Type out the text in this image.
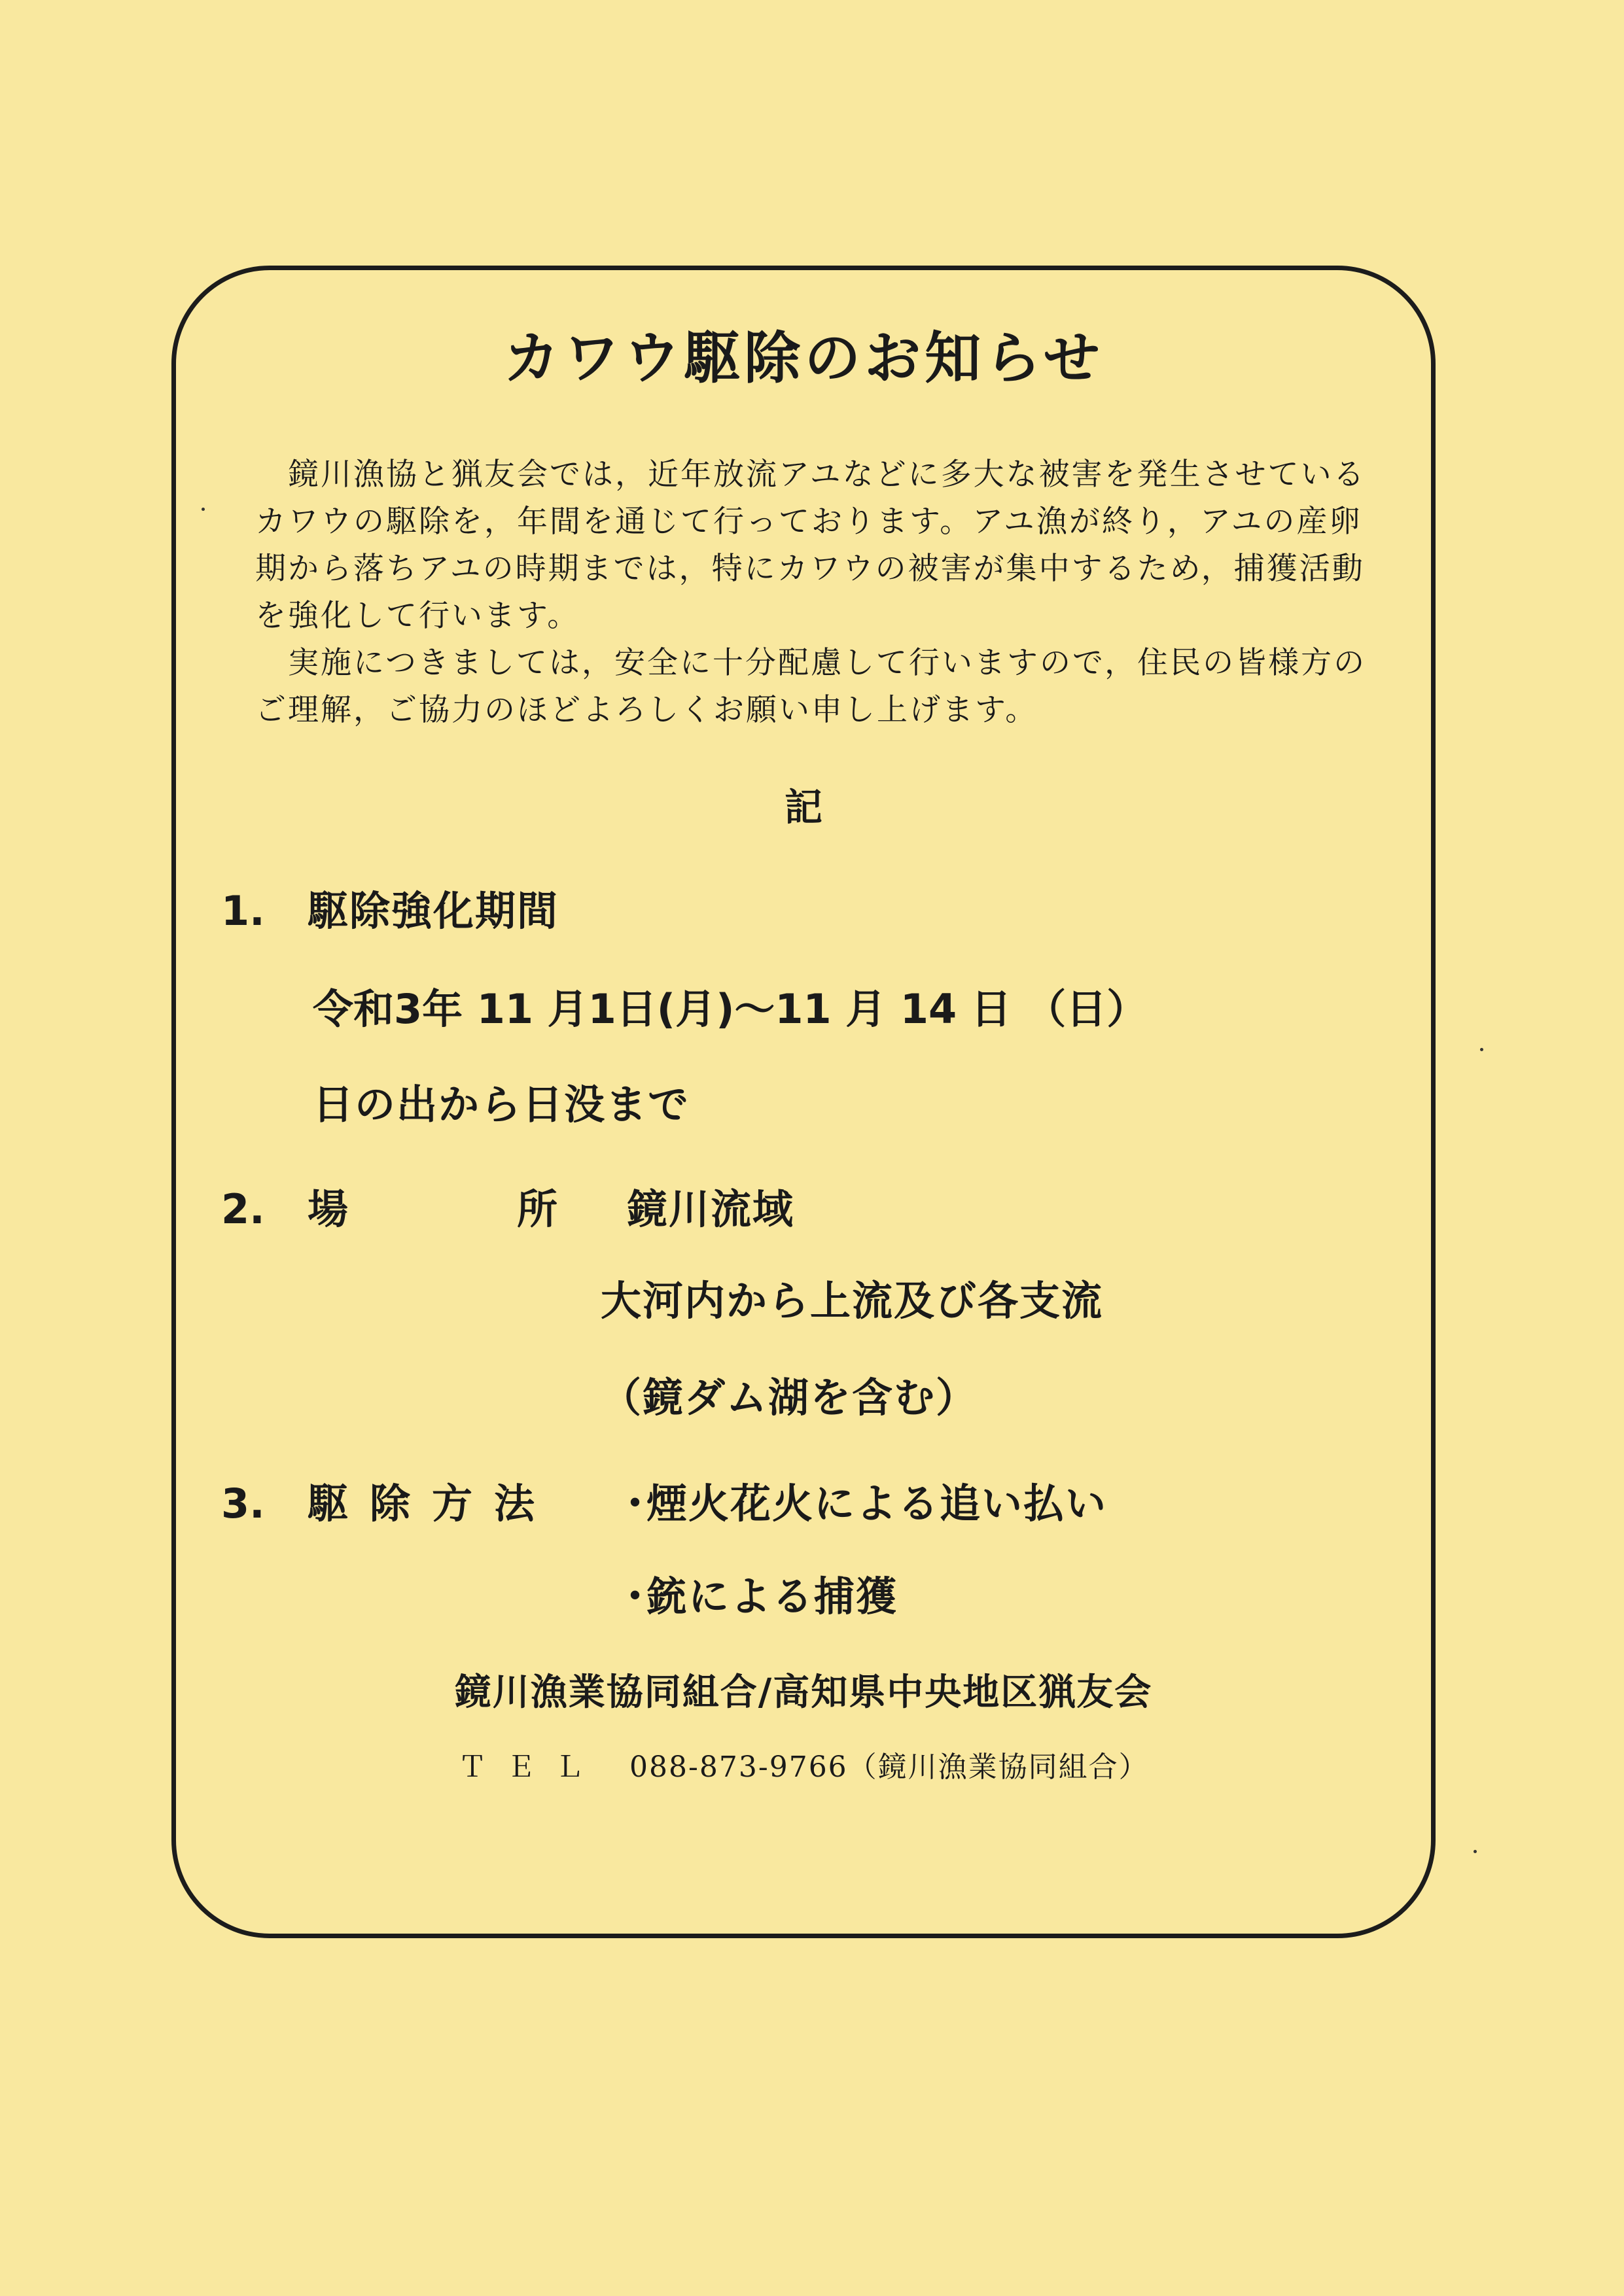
カワウ駆除のお知らせ

鏡川漁協と猟友会では，近年放流アユなどに多大な被害を発生させているカワウの駆除を，年間を通じて行っております。アユ漁が終り，アユの産卵期から落ちアユの時期までは，特にカワウの被害が集中するため，捕獲活動を強化して行います。

実施につきましては，安全に十分配慮して行いますので，住民の皆様方のご理解，ご協力のほどよろしくお願い申し上げます。

記
1. 駆除強化期間
令和3年 11 月1日(月)～11 月 14 日 （日）
日の出から日没まで
2. 場	所 鏡川流域
大河内から上流及び各支流
（鏡ダム湖を含む）
3. 駆 除 方 法 ･煙火花火による追い払い
･銃による捕獲
鏡川漁業協同組合/高知県中央地区猟友会
ＴＥＬ 088-873-9766（鏡川漁業協同組合）
